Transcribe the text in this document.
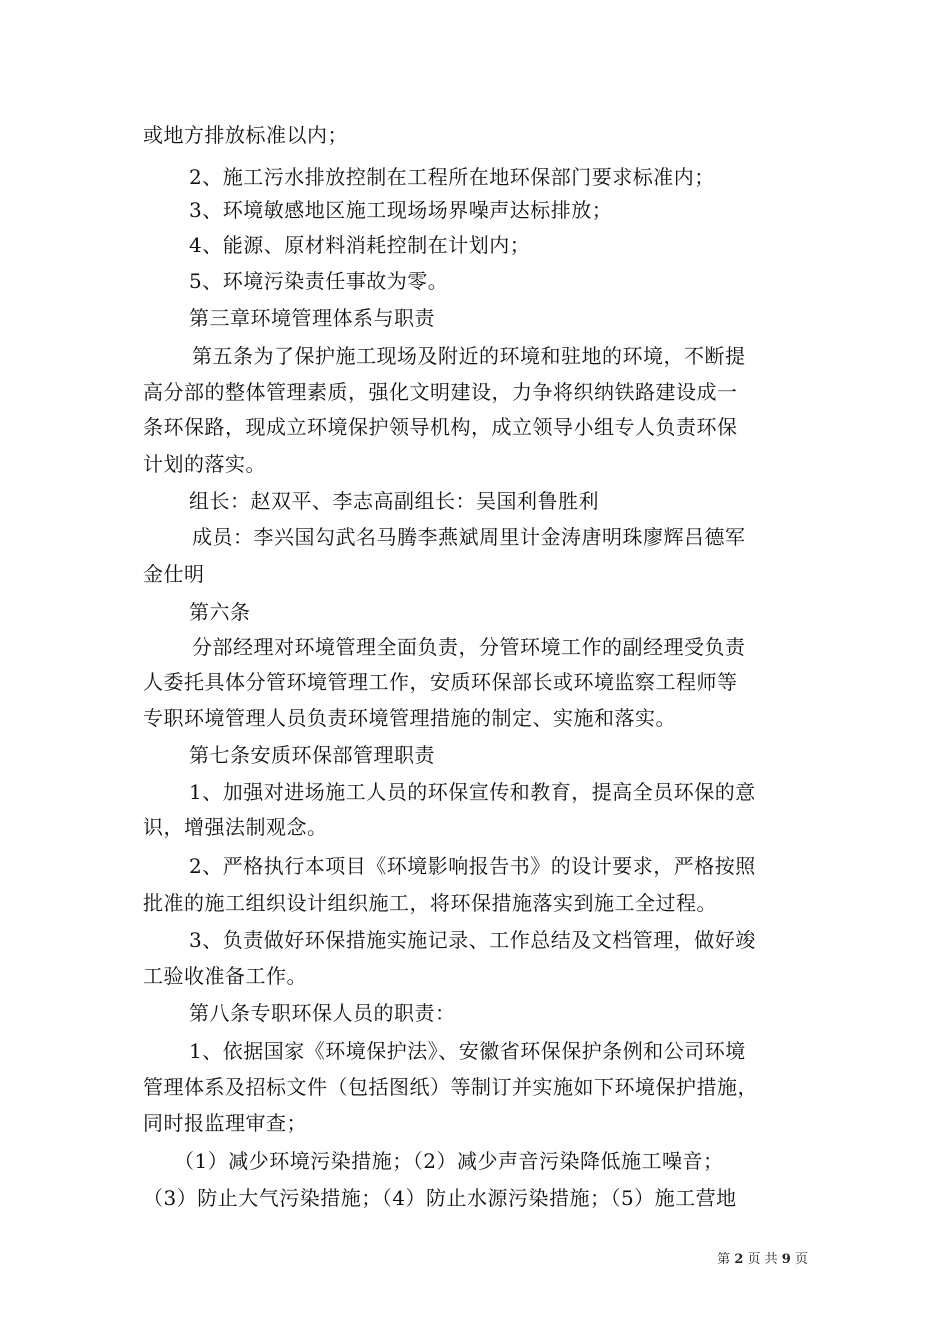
或地方排放标准以内；
2、施工污水排放控制在工程所在地环保部门要求标准内；
3、环境敏感地区施工现场场界噪声达标排放；
4、能源、原材料消耗控制在计划内；
5、环境污染责任事故为零。
第三章环境管理体系与职责
第五条为了保护施工现场及附近的环境和驻地的环境，不断提
高分部的整体管理素质，强化文明建设，力争将织纳铁路建设成一
条环保路，现成立环境保护领导机构，成立领导小组专人负责环保
计划的落实。
组长：赵双平、李志高副组长：吴国利鲁胜利
成员：李兴国勾武名马腾李燕斌周里计金涛唐明珠廖辉吕德军
金仕明
第六条
分部经理对环境管理全面负责，分管环境工作的副经理受负责
人委托具体分管环境管理工作，安质环保部长或环境监察工程师等
专职环境管理人员负责环境管理措施的制定、实施和落实。
第七条安质环保部管理职责
1、加强对进场施工人员的环保宣传和教育，提高全员环保的意
识，增强法制观念。
2、严格执行本项目《环境影响报告书》的设计要求，严格按照
批准的施工组织设计组织施工，将环保措施落实到施工全过程。
3、负责做好环保措施实施记录、工作总结及文档管理，做好竣
工验收准备工作。
第八条专职环保人员的职责：
1、依据国家《环境保护法》、安徽省环保保护条例和公司环境
管理体系及招标文件（包括图纸）等制订并实施如下环境保护措施，
同时报监理审查；
（1）减少环境污染措施；（2）减少声音污染降低施工噪音；
（3）防止大气污染措施；（4）防止水源污染措施；（5）施工营地
第 2 页 共 9 页
